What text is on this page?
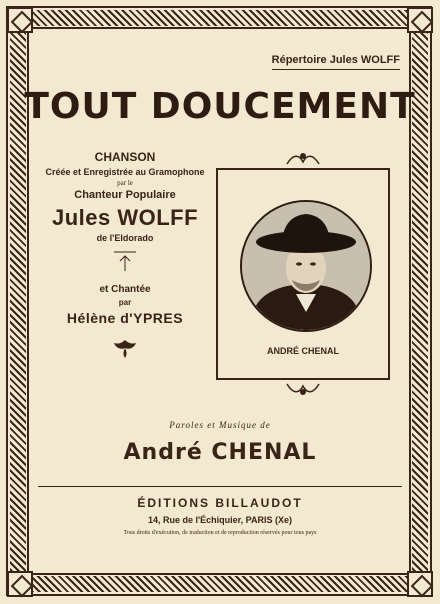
Répertoire Jules WOLFF
TOUT DOUCEMENT
CHANSON
Créée et Enregistrée au Gramophone
par le
Chanteur Populaire
Jules WOLFF
de l'Eldorado
et Chantée
par
Hélène d'YPRES
ANDRÉ CHENAL
Paroles et Musique de
André CHENAL
ÉDITIONS BILLAUDOT
14, Rue de l'Échiquier, PARIS (Xe)
Tous droits d'exécution, de traduction et de reproduction réservés pour tous pays
